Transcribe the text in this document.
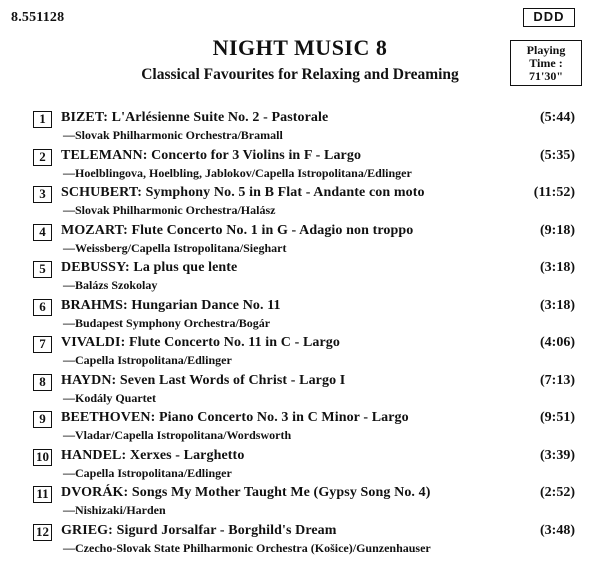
8.551128	DDD
Playing
Time :
71'30"
NIGHT MUSIC 8
Classical Favourites for Relaxing and Dreaming
1	BIZET: L'Arlésienne Suite No. 2 - Pastorale
—Slovak Philharmonic Orchestra/Bramall
(5:44)
2	TELEMANN: Concerto for 3 Violins in F - Largo
—Hoelblingova, Hoelbling, Jablokov/Capella Istropolitana/Edlinger
(5:35)
3	SCHUBERT: Symphony No. 5 in B Flat - Andante con moto
—Slovak Philharmonic Orchestra/Halász
(11:52)
4	MOZART: Flute Concerto No. 1 in G - Adagio non troppo
—Weissberg/Capella Istropolitana/Sieghart
(9:18)
5	DEBUSSY: La plus que lente
—Balázs Szokolay
(3:18)
6	BRAHMS: Hungarian Dance No. 11
—Budapest Symphony Orchestra/Bogár
(3:18)
7	VIVALDI: Flute Concerto No. 11 in C - Largo
—Capella Istropolitana/Edlinger
(4:06)
8	HAYDN: Seven Last Words of Christ - Largo I
—Kodály Quartet
(7:13)
9	BEETHOVEN: Piano Concerto No. 3 in C Minor - Largo
—Vladar/Capella Istropolitana/Wordsworth
(9:51)
10 HANDEL: Xerxes - Larghetto
—Capella Istropolitana/Edlinger
(3:39)
11 DVORÁK: Songs My Mother Taught Me (Gypsy Song No. 4)
—Nishizaki/Harden
(2:52)
12 GRIEG: Sigurd Jorsalfar - Borghild's Dream
—Czecho-Slovak State Philharmonic Orchestra (Košice)/Gunzenhauser
(3:48)
